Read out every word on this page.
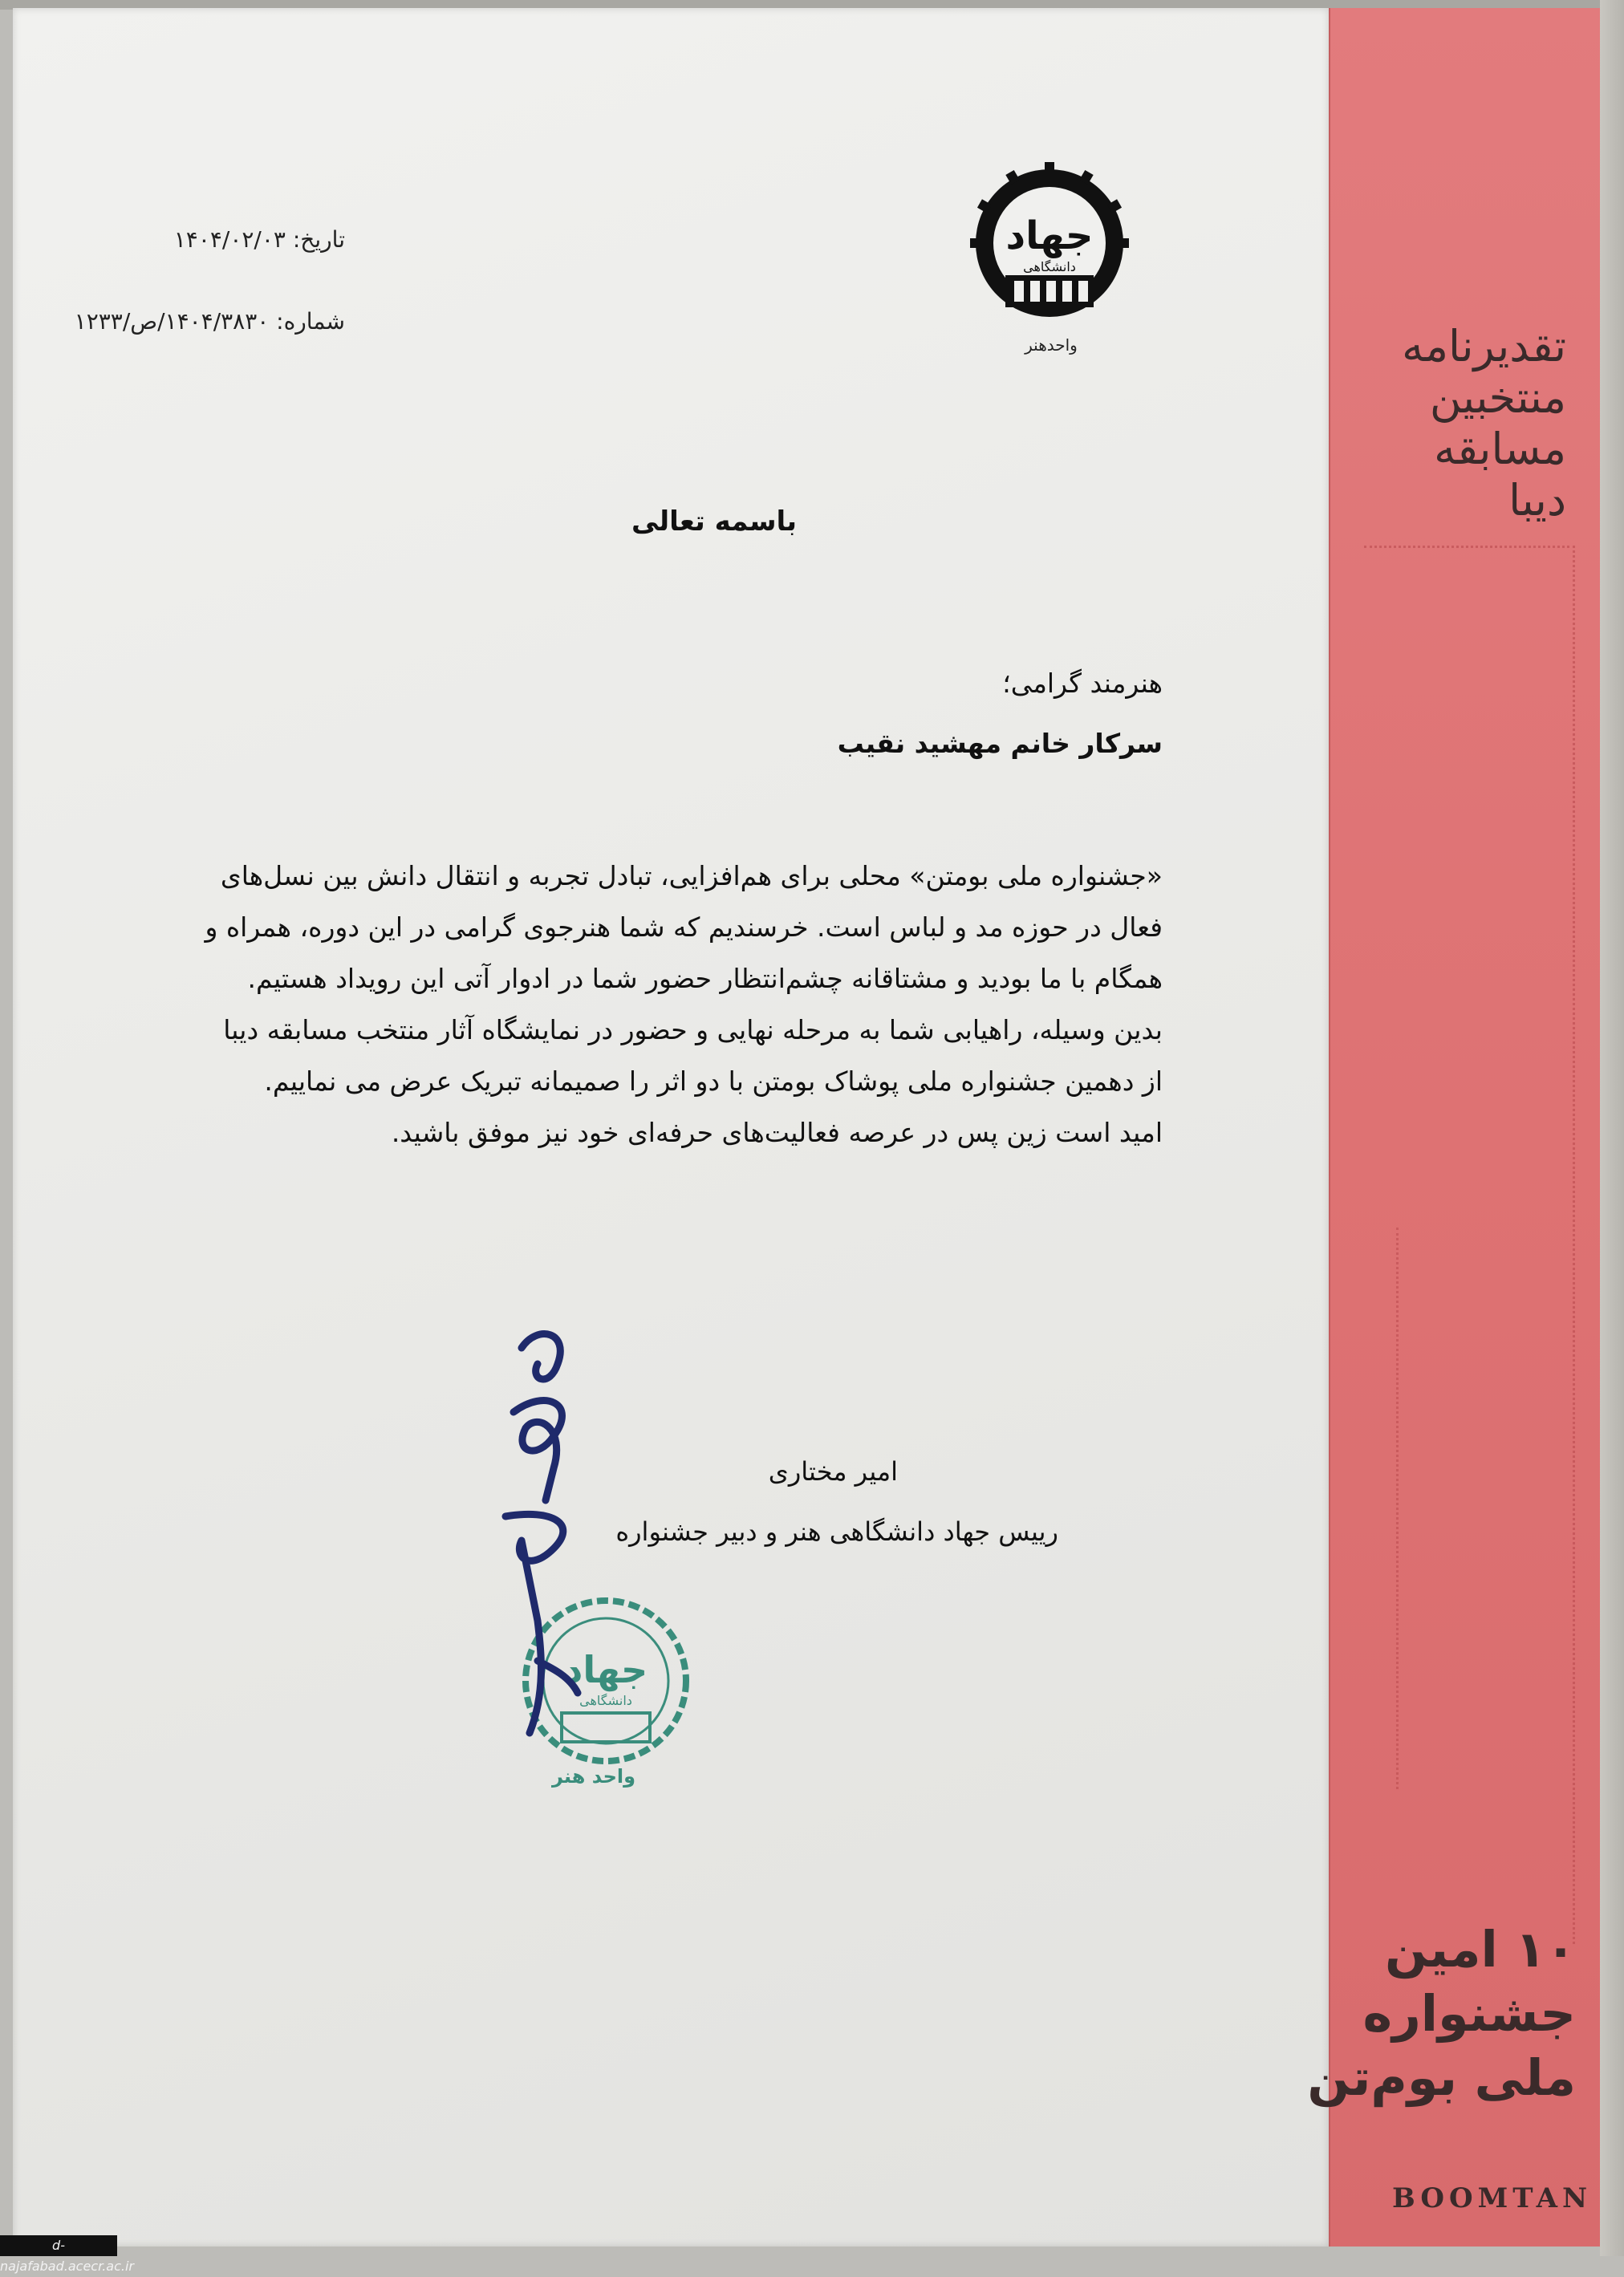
تقدیرنامه
منتخبین
مسابقه
دیبا
۱۰ امین
جشنواره
ملی بوم‌تن
BOOMTAN
جهاد
دانشگاهی
واحدهنر
تاریخ: ۱۴۰۴/۰۲/۰۳
شماره: ۱۴۰۴/۳۸۳۰/ص/۱۲۳۳
باسمه تعالی
هنرمند گرامی؛
سرکار خانم مهشید نقیب

«جشنواره ملی بومتن» محلی برای هم‌افزایی، تبادل تجربه و انتقال دانش بین نسل‌های

فعال در حوزه مد و لباس است. خرسندیم که شما هنرجوی گرامی در این دوره، همراه و

همگام با ما بودید و مشتاقانه چشم‌انتظار حضور شما در ادوار آتی این رویداد هستیم.

بدین وسیله، راهیابی شما به مرحله نهایی و حضور در نمایشگاه آثار منتخب مسابقه دیبا

از دهمین جشنواره ملی پوشاک بومتن با دو اثر را صمیمانه تبریک عرض می نماییم.

امید است زین پس در عرصه فعالیت‌های حرفه‌ای خود نیز موفق باشید.

امیر مختاری
رییس جهاد دانشگاهی هنر و دبیر جشنواره
جهاد
دانشگاهی
واحد هنر
d-najafabad.acecr.ac.ir
